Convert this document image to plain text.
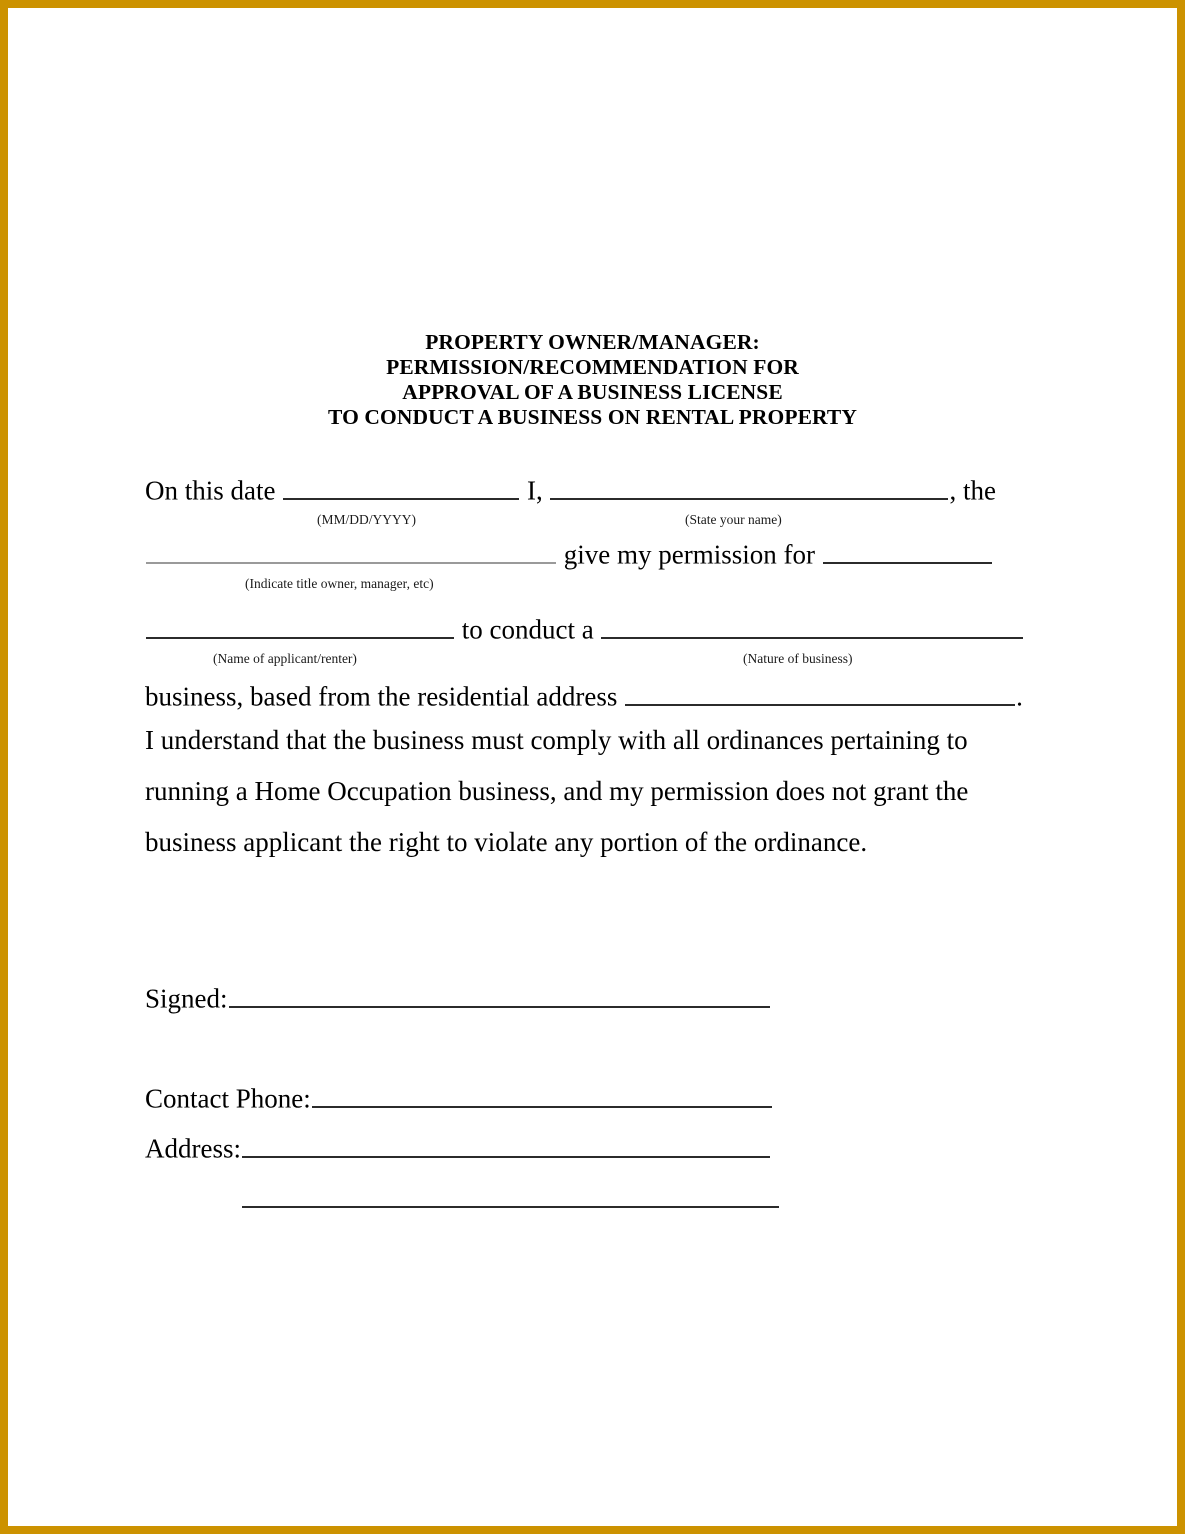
PROPERTY OWNER/MANAGER:
PERMISSION/RECOMMENDATION FOR
APPROVAL OF A BUSINESS LICENSE
TO CONDUCT A BUSINESS ON RENTAL PROPERTY
On this date	I,	, the
(MM/DD/YYYY)	(State your name)
give my permission for
(Indicate title owner, manager, etc)
to conduct a
(Name of applicant/renter)	(Nature of business)
business, based from the residential address	.
I understand that the business must comply with all ordinances pertaining to
running a Home Occupation business, and my permission does not grant the
business applicant the right to violate any portion of the ordinance.
Signed:
Contact Phone:
Address:
